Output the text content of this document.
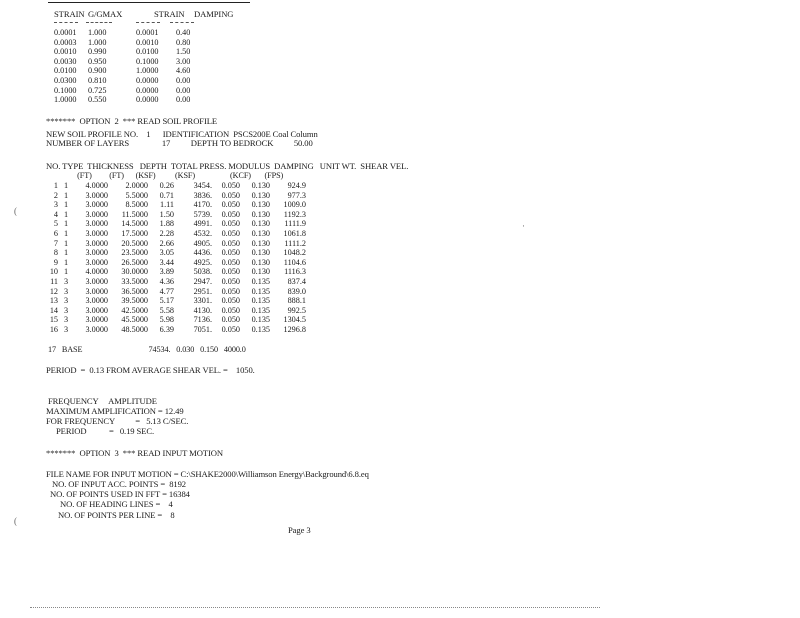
STRAIN G/GMAX	STRAIN DAMPING
0.0001	1.000	0.0001	0.40
0.0003	1.000	0.0010	0.80
0.0010	0.990	0.0100	1.50
0.0030	0.950	0.1000	3.00
0.0100	0.900	1.0000	4.60
0.0300	0.810	0.0000	0.00
0.1000	0.725	0.0000	0.00
1.0000	0.550	0.0000	0.00
*******  OPTION  2  *** READ SOIL PROFILE
NEW SOIL PROFILE NO.    1      IDENTIFICATION  PSCS200E Coal Column
NUMBER OF LAYERS                17          DEPTH TO BEDROCK          50.00
NO. TYPE  THICKNESS   DEPTH  TOTAL PRESS. MODULUS  DAMPING   UNIT WT.  SHEAR VEL.
(FT)         (FT)      (KSF)          (KSF)                  (KCF)       (FPS)
1	1	4.0000	2.0000	0.26	3454.	0.050	0.130	924.9
2	1	3.0000	5.5000	0.71	3836.	0.050	0.130	977.3
3	1	3.0000	8.5000	1.11	4170.	0.050	0.130	1009.0
4	1	3.0000	11.5000	1.50	5739.	0.050	0.130	1192.3
5	1	3.0000	14.5000	1.88	4991.	0.050	0.130	1111.9
6	1	3.0000	17.5000	2.28	4532.	0.050	0.130	1061.8
7	1	3.0000	20.5000	2.66	4905.	0.050	0.130	1111.2
8	1	3.0000	23.5000	3.05	4436.	0.050	0.130	1048.2
9	1	3.0000	26.5000	3.44	4925.	0.050	0.130	1104.6
10	1	4.0000	30.0000	3.89	5038.	0.050	0.130	1116.3
11	3	3.0000	33.5000	4.36	2947.	0.050	0.135	837.4
12	3	3.0000	36.5000	4.77	2951.	0.050	0.135	839.0
13	3	3.0000	39.5000	5.17	3301.	0.050	0.135	888.1
14	3	3.0000	42.5000	5.58	4130.	0.050	0.135	992.5
15	3	3.0000	45.5000	5.98	7136.	0.050	0.135	1304.5
16	3	3.0000	48.5000	6.39	7051.	0.050	0.135	1296.8
17   BASE                                  74534.   0.030   0.150   4000.0
PERIOD  =  0.13 FROM AVERAGE SHEAR VEL. =    1050.
FREQUENCY     AMPLITUDE
MAXIMUM AMPLIFICATION = 12.49
FOR FREQUENCY          =   5.13 C/SEC.
PERIOD           =   0.19 SEC.
*******  OPTION  3  *** READ INPUT MOTION
FILE NAME FOR INPUT MOTION = C:\SHAKE2000\Williamson Energy\Background\6.8.eq
NO. OF INPUT ACC. POINTS =  8192
NO. OF POINTS USED IN FFT = 16384
NO. OF HEADING LINES =    4
NO. OF POINTS PER LINE =    8
Page 3
(
(
·
